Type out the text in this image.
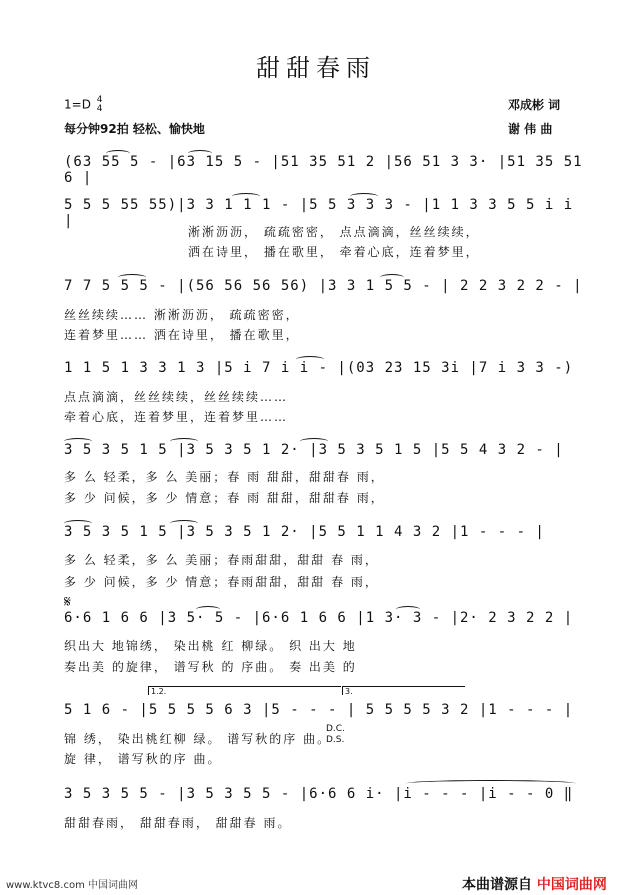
甜甜春雨
1=D 4
4
每分钟92拍 轻松、愉快地
邓成彬 词
谢 伟 曲
(63 55 5 - |63 15 5 - |51 35 51 2 |56 51 3 3· |51 35 51 6 |
5 5 5 55 55)|3 3 1 1 1 - |5 5 3 3 3 - |1 1 3 3 5 5 i i |
淅淅沥沥， 疏疏密密， 点点滴滴，丝丝续续，
洒在诗里， 播在歌里， 牵着心底，连着梦里，
7 7 5 5 5 - |(56 56 56 56) |3 3 1 5 5 - | 2 2 3 2 2 - |
丝丝续续…… 淅淅沥沥， 疏疏密密，
连着梦里…… 洒在诗里， 播在歌里，
1 1 5 1 3 3 1 3 |5 i 7 i i - |(03 23 15 3i |7 i 3 3 -)
点点滴滴，丝丝续续，丝丝续续……
牵着心底，连着梦里，连着梦里……
3 5 3 5 1 5 |3 5 3 5 1 2· |3 5 3 5 1 5 |5 5 4 3 2 - |
多 么 轻柔，多 么 美丽；春 雨 甜甜，甜甜春 雨，
多 少 问候，多 少 情意；春 雨 甜甜，甜甜春 雨，
3 5 3 5 1 5 |3 5 3 5 1 2· |5 5 1 1 4 3 2 |1 - - - |
多 么 轻柔，多 么 美丽；春雨甜甜，甜甜 春 雨，
多 少 问候，多 少 情意；春雨甜甜，甜甜 春 雨，
𝄋
6·6 1 6 6 |3 5· 5 - |6·6 1 6 6 |1 3· 3 - |2· 2 3 2 2 |
织出大 地锦绣， 染出桃 红 柳绿。 织 出大 地
奏出美 的旋律， 谱写秋 的 序曲。 奏 出美 的
1.2.	3.
5 1 6 - |5 5 5 5 6 3 |5 - - - | 5 5 5 5 3 2 |1 - - - |
锦 绣， 染出桃红柳 绿。 谱写秋的序 曲。
旋 律， 谱写秋的序 曲。
D.C.
D.S.
3 5 3 5 5 - |3 5 3 5 5 - |6·6 6 i· |i - - - |i - - 0 ‖
甜甜春雨， 甜甜春雨， 甜甜春 雨。
www.ktvc8.com 中国词曲网	本曲谱源自 中国词曲网
